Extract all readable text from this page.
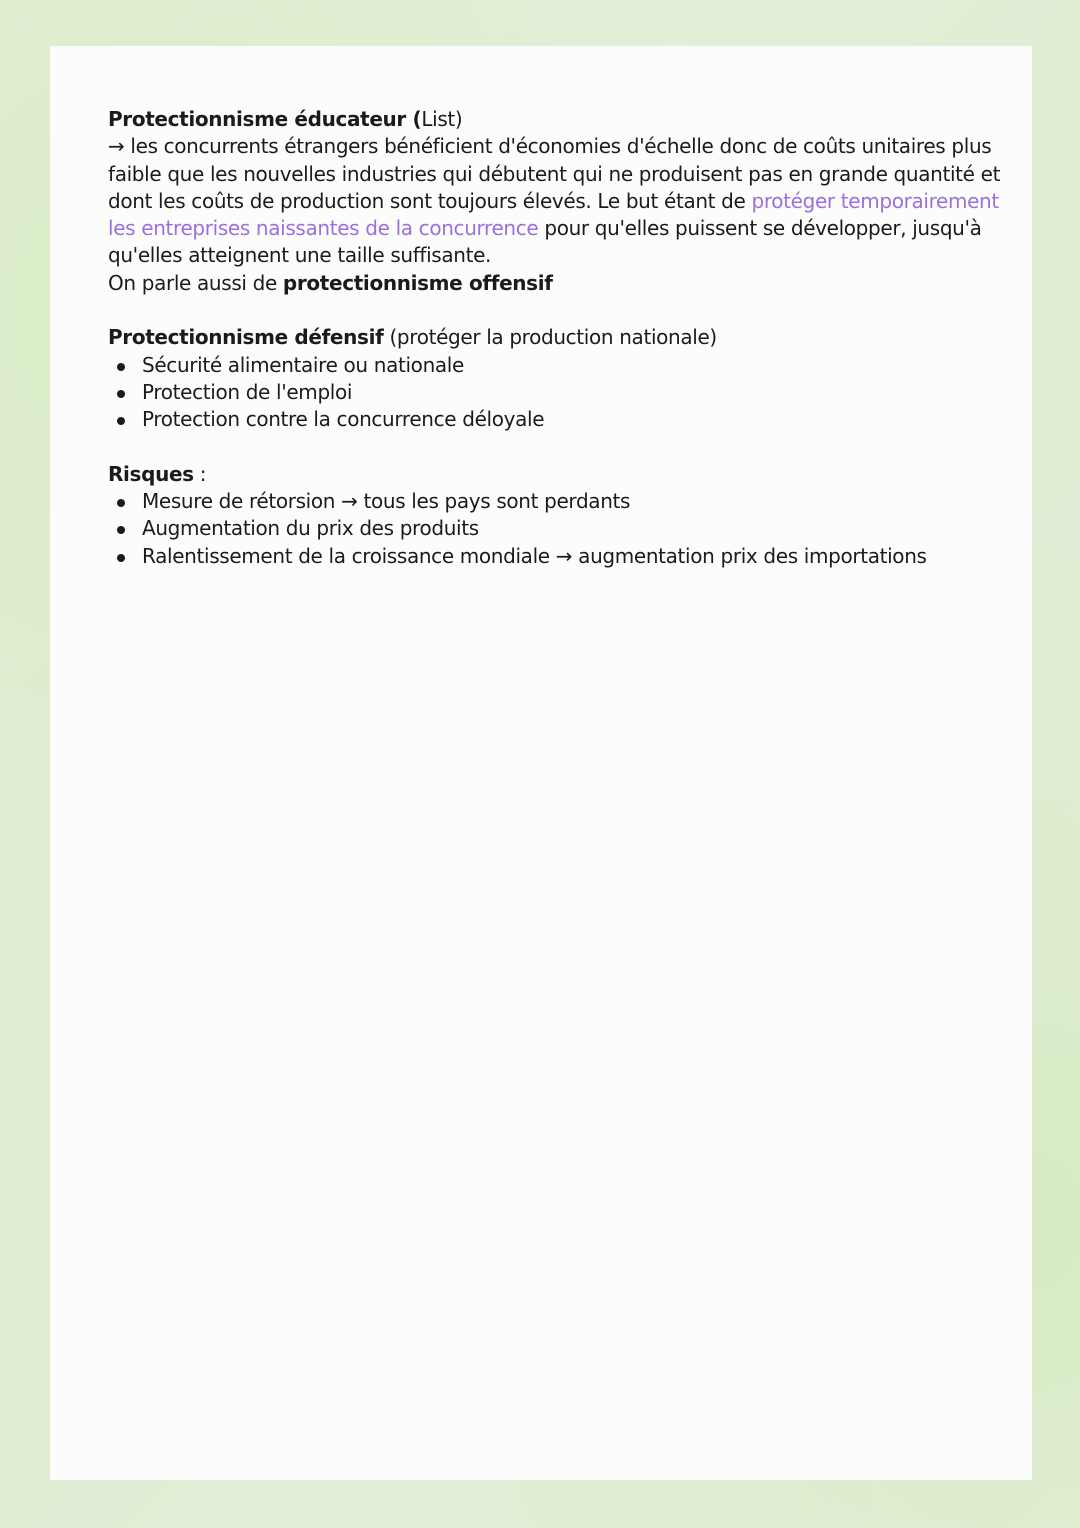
Protectionnisme éducateur (List)
→ les concurrents étrangers bénéficient d'économies d'échelle donc de coûts unitaires plus
faible que les nouvelles industries qui débutent qui ne produisent pas en grande quantité et
dont les coûts de production sont toujours élevés. Le but étant de protéger temporairement
les entreprises naissantes de la concurrence pour qu'elles puissent se développer, jusqu'à
qu'elles atteignent une taille suffisante.
On parle aussi de protectionnisme offensif
Protectionnisme défensif (protéger la production nationale)
Sécurité alimentaire ou nationale
Protection de l'emploi
Protection contre la concurrence déloyale
Risques :
Mesure de rétorsion → tous les pays sont perdants
Augmentation du prix des produits
Ralentissement de la croissance mondiale → augmentation prix des importations
